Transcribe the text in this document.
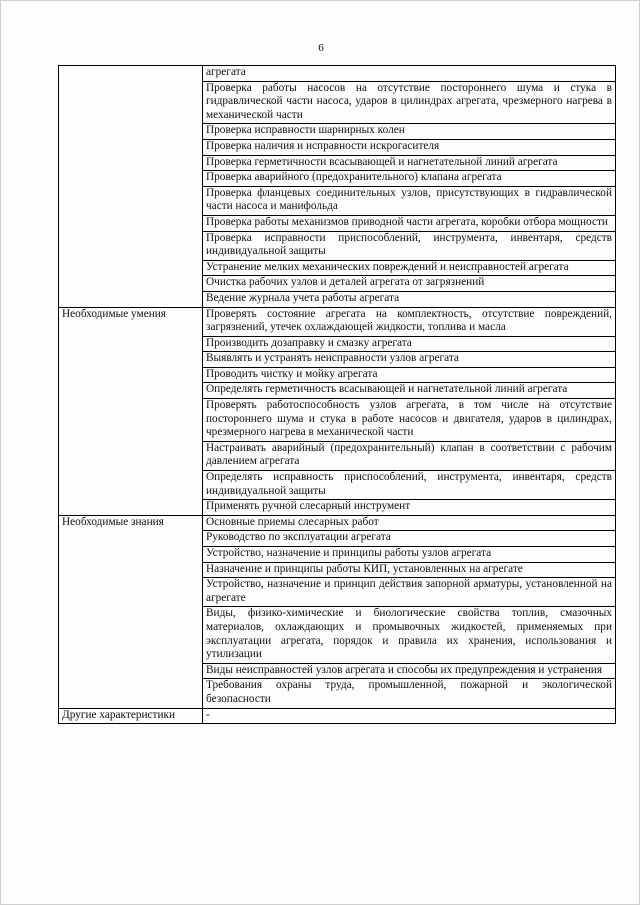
6
	агрегата
	Проверка работы насосов на отсутствие постороннего шума и стука в гидравлической части насоса, ударов в цилиндрах агрегата, чрезмерного нагрева в механической части
	Проверка исправности шарнирных колен
	Проверка наличия и исправности искрогасителя
	Проверка герметичности всасывающей и нагнетательной линий агрегата
	Проверка аварийного (предохранительного) клапана агрегата
	Проверка фланцевых соединительных узлов, присутствующих в гидравлической части насоса и манифольда
	Проверка работы механизмов приводной части агрегата, коробки отбора мощности
	Проверка исправности приспособлений, инструмента, инвентаря, средств индивидуальной защиты
	Устранение мелких механических повреждений и неисправностей агрегата
	Очистка рабочих узлов и деталей агрегата от загрязнений
	Ведение журнала учета работы агрегата
Необходимые умения	Проверять состояние агрегата на комплектность, отсутствие повреждений, загрязнений, утечек охлаждающей жидкости, топлива и масла
	Производить дозаправку и смазку агрегата
	Выявлять и устранять неисправности узлов агрегата
	Проводить чистку и мойку агрегата
	Определять герметичность всасывающей и нагнетательной линий агрегата
	Проверять работоспособность узлов агрегата, в том числе на отсутствие постороннего шума и стука в работе насосов и двигателя, ударов в цилиндрах, чрезмерного нагрева в механической части
	Настраивать аварийный (предохранительный) клапан в соответствии с рабочим давлением агрегата
	Определять исправность приспособлений, инструмента, инвентаря, средств индивидуальной защиты
	Применять ручной слесарный инструмент
Необходимые знания	Основные приемы слесарных работ
	Руководство по эксплуатации агрегата
	Устройство, назначение и принципы работы узлов агрегата
	Назначение и принципы работы КИП, установленных на агрегате
	Устройство, назначение и принцип действия запорной арматуры, установленной на агрегате
	Виды, физико-химические и биологические свойства топлив, смазочных материалов, охлаждающих и промывочных жидкостей, применяемых при эксплуатации агрегата, порядок и правила их хранения, использования и утилизации
	Виды неисправностей узлов агрегата и способы их предупреждения и устранения
	Требования охраны труда, промышленной, пожарной и экологической безопасности
Другие характеристики	-
